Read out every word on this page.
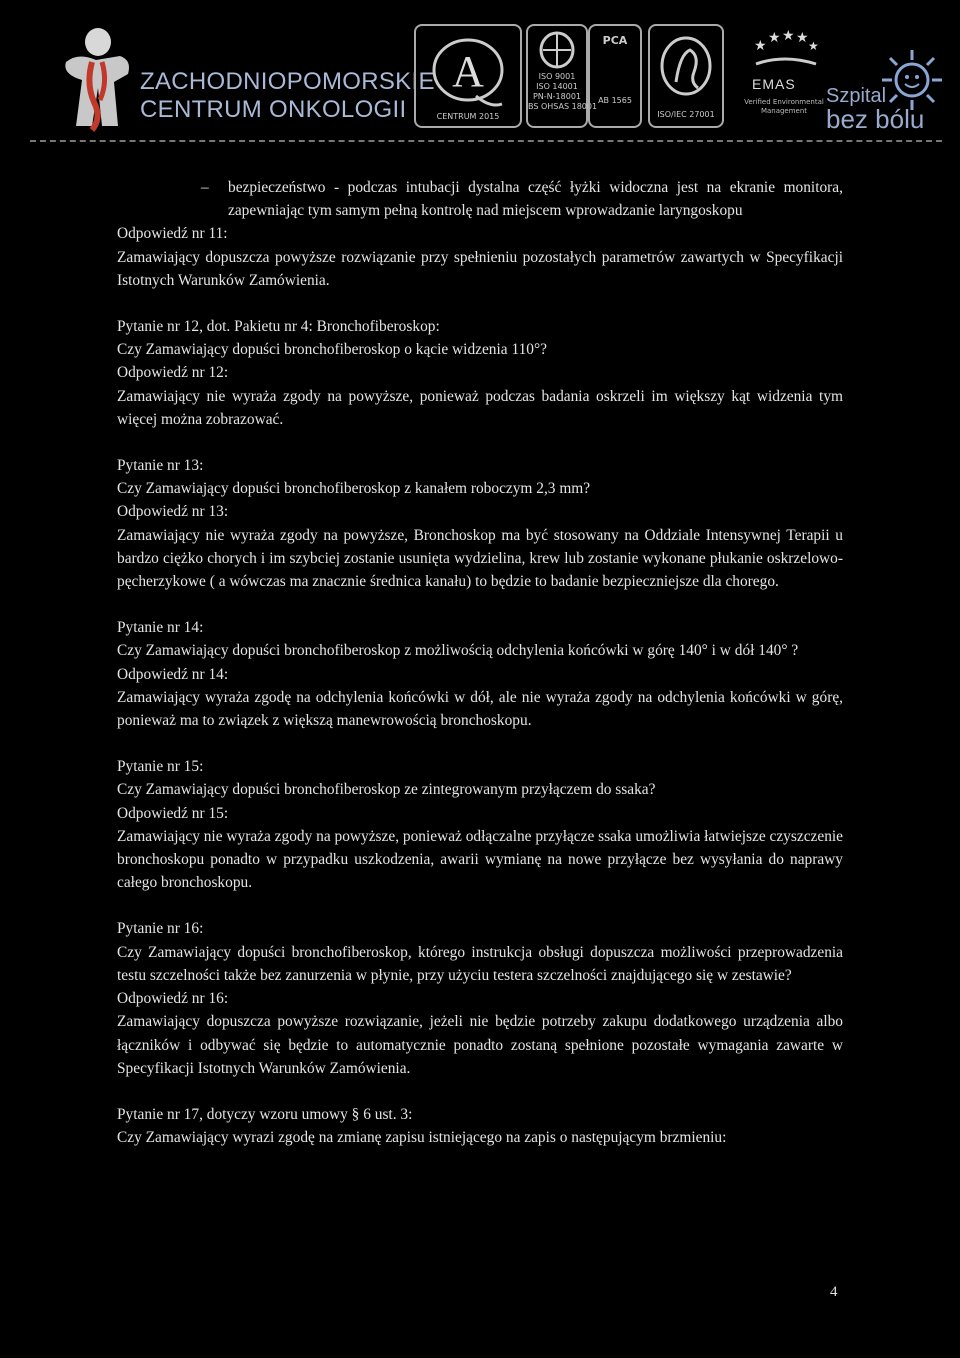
ZACHODNIOPOMORSKIE
CENTRUM ONKOLOGII
A
CENTRUM 2015
ISO 9001
ISO 14001
PN-N-18001
BS OHSAS 18001
PCA
AB 1565
ISO/IEC 27001
★
★ ★ ★ ★
EMAS
Verified Environmental Management
Szpital
bez bólu

– bezpieczeństwo - podczas intubacji dystalna część łyżki widoczna jest na ekranie monitora, zapewniając tym samym pełną kontrolę nad miejscem wprowadzanie laryngoskopu

Odpowiedź nr 11:

Zamawiający dopuszcza powyższe rozwiązanie przy spełnieniu pozostałych parametrów zawartych w Specyfikacji Istotnych Warunków Zamówienia.

Pytanie nr 12, dot. Pakietu nr 4: Bronchofiberoskop:

Czy Zamawiający dopuści bronchofiberoskop o kącie widzenia 110°?

Odpowiedź nr 12:

Zamawiający nie wyraża zgody na powyższe, ponieważ podczas badania oskrzeli im większy kąt widzenia tym więcej można zobrazować.

Pytanie nr 13:

Czy Zamawiający dopuści bronchofiberoskop z kanałem roboczym 2,3 mm?

Odpowiedź nr 13:

Zamawiający nie wyraża zgody na powyższe, Bronchoskop ma być stosowany na Oddziale Intensywnej Terapii u bardzo ciężko chorych i im szybciej zostanie usunięta wydzielina, krew lub zostanie wykonane płukanie oskrzelowo-pęcherzykowe ( a wówczas ma znacznie średnica kanału) to będzie to badanie bezpieczniejsze dla chorego.

Pytanie nr 14:

Czy Zamawiający dopuści bronchofiberoskop z możliwością odchylenia końcówki w górę 140° i w dół 140° ?

Odpowiedź nr 14:

Zamawiający wyraża zgodę na odchylenia końcówki w dół, ale nie wyraża zgody na odchylenia końcówki w górę, ponieważ ma to związek z większą manewrowością bronchoskopu.

Pytanie nr 15:

Czy Zamawiający dopuści bronchofiberoskop ze zintegrowanym przyłączem do ssaka?

Odpowiedź nr 15:

Zamawiający nie wyraża zgody na powyższe, ponieważ odłączalne przyłącze ssaka umożliwia łatwiejsze czyszczenie bronchoskopu ponadto w przypadku uszkodzenia, awarii wymianę na nowe przyłącze bez wysyłania do naprawy całego bronchoskopu.

Pytanie nr 16:

Czy Zamawiający dopuści bronchofiberoskop, którego instrukcja obsługi dopuszcza możliwości przeprowadzenia testu szczelności także bez zanurzenia w płynie, przy użyciu testera szczelności znajdującego się w zestawie?

Odpowiedź nr 16:

Zamawiający dopuszcza powyższe rozwiązanie, jeżeli nie będzie potrzeby zakupu dodatkowego urządzenia albo łączników i odbywać się będzie to automatycznie ponadto zostaną spełnione pozostałe wymagania zawarte w Specyfikacji Istotnych Warunków Zamówienia.

Pytanie nr 17, dotyczy wzoru umowy § 6 ust. 3:

Czy Zamawiający wyrazi zgodę na zmianę zapisu istniejącego na zapis o następującym brzmieniu:

4
